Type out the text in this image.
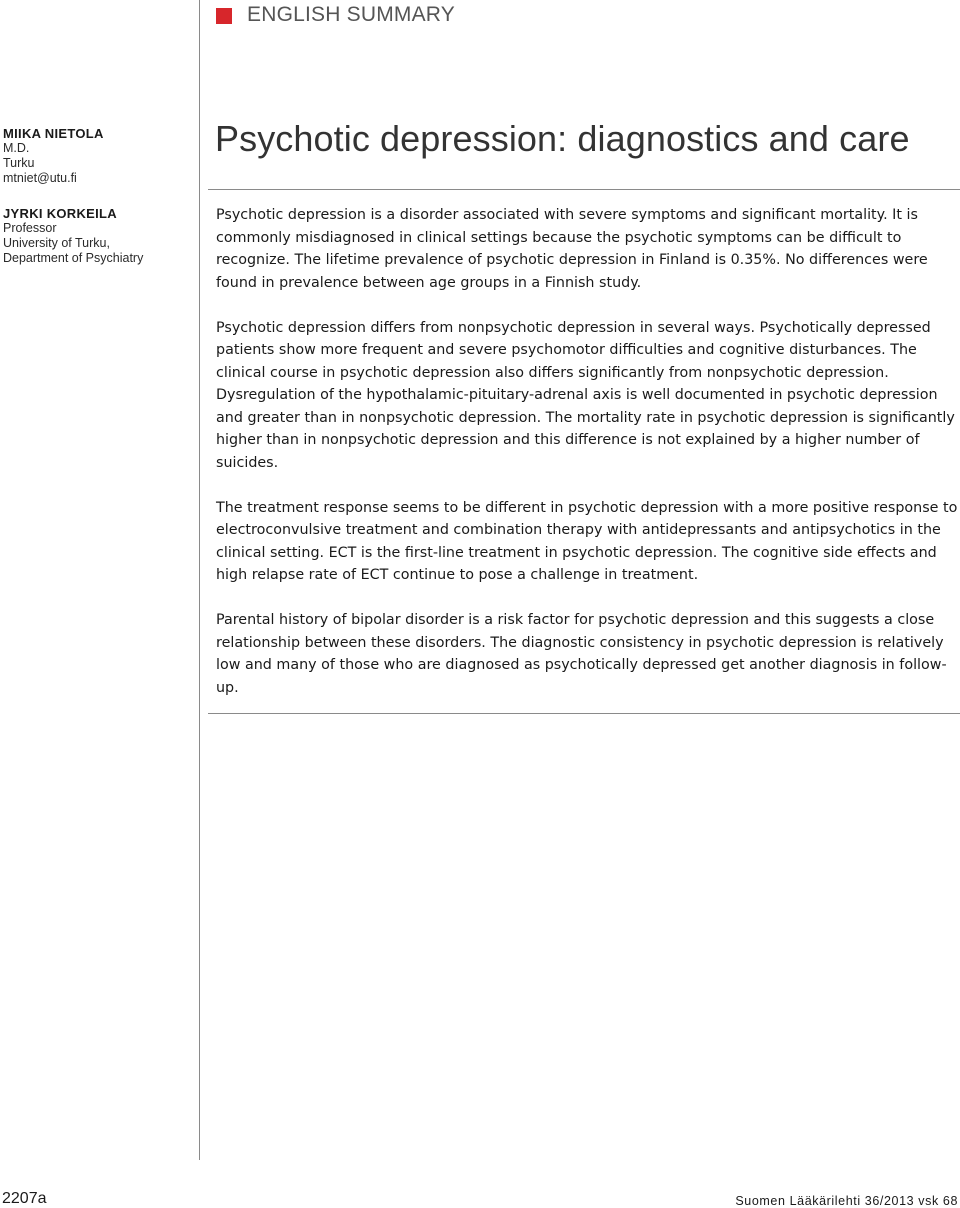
ENGLISH SUMMARY
MIIKA NIETOLA
M.D.
Turku
mtniet@utu.fi
JYRKI KORKEILA
Professor
University of Turku,
Department of Psychiatry
Psychotic depression: diagnostics and care

Psychotic depression is a disorder associated with severe symptoms and significant mortality. It is commonly misdiagnosed in clinical settings because the psychotic symptoms can be difficult to recognize. The lifetime prevalence of psychotic depression in Finland is 0.35%. No differences were found in prevalence between age groups in a Finnish study.

Psychotic depression differs from nonpsychotic depression in several ways. Psychotically depressed patients show more frequent and severe psychomotor difficulties and cognitive disturbances. The clinical course in psychotic depression also differs significantly from nonpsychotic depression. Dysregulation of the hypothalamic-pituitary-adrenal axis is well documented in psychotic depression and greater than in nonpsychotic depression. The mortality rate in psychotic depression is significantly higher than in nonpsychotic depression and this difference is not explained by a higher number of suicides.

The treatment response seems to be different in psychotic depression with a more positive response to electroconvulsive treatment and combination therapy with antidepressants and antipsychotics in the clinical setting. ECT is the first-line treatment in psychotic depression. The cognitive side effects and high relapse rate of ECT continue to pose a challenge in treatment.

Parental history of bipolar disorder is a risk factor for psychotic depression and this suggests a close relationship between these disorders. The diagnostic consistency in psychotic depression is relatively low and many of those who are diagnosed as psychotically depressed get another diagnosis in follow-up.

2207a	Suomen Lääkärilehti 36/2013 vsk 68
